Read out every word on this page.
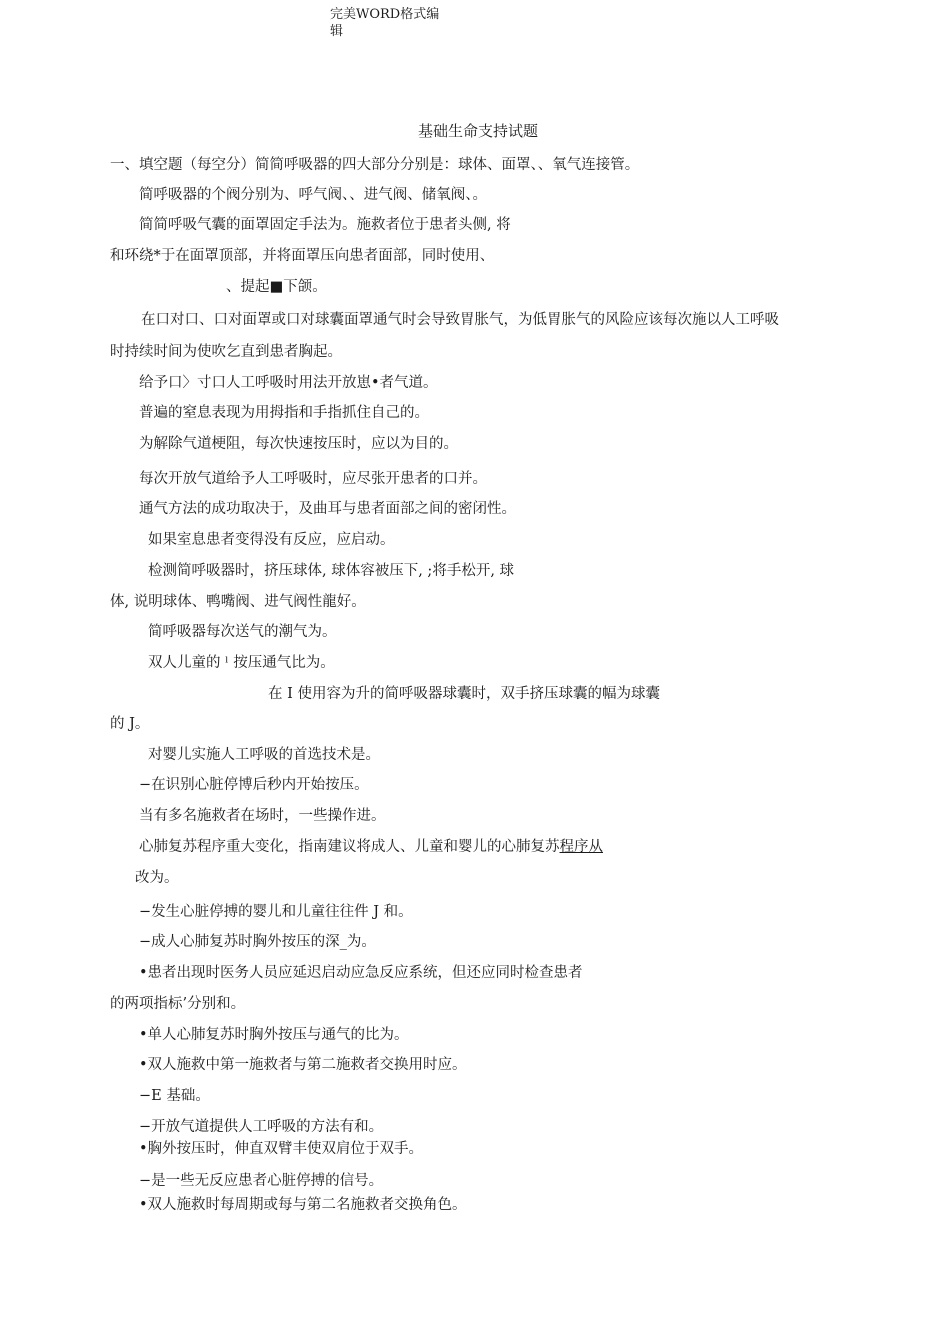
完美WORD格式编
辑
基础生命支持试题
一、填空题（每空分）简简呼吸器的四大部分分别是：球体、面罩、、氧气连接管。
简呼吸器的个阀分别为、呼气阀、、进气阀、储氧阀、。
简简呼吸气囊的面罩固定手法为。施救者位于患者头侧, 将
和环绕*于在面罩顶部，并将面罩压向患者面部，同时使用、
、提起■下颌。
在口对口、口对面罩或口对球囊面罩通气时会导致胃胀气，为低胃胀气的风险应该每次施以人工呼吸
时持续时间为使吹乞直到患者胸起。
给予口〉寸口人工呼吸时用法开放崽•者气道。
普遍的窒息表现为用拇指和手指抓住自己的。
为解除气道梗阻，每次快速按压时，应以为目的。
每次开放气道给予人工呼吸时，应尽张开患者的口并。
通气方法的成功取决于，及曲耳与患者面部之间的密闭性。
如果室息患者变得没有反应，应启动。
检测简呼吸器时，挤压球体, 球体容被压下, ;将手松开, 球
体, 说明球体、鸭嘴阀、进气阀性龍好。
简呼吸器每次送气的潮气为。
双人儿童的 ˡ 按压通气比为。
在 I 使用容为升的简呼吸器球囊时，双手挤压球囊的幅为球囊
的 J。
对婴儿实施人工呼吸的首选技术是。
−在识别心脏停博后秒内开始按压。
当有多名施救者在场时，一些操作进。
心肺复苏程序重大变化，指南建议将成人、儿童和婴儿的心肺复苏程序从
改为。
−发生心脏停搏的婴儿和儿童往往件 J 和。
−成人心肺复苏时胸外按压的深_为。
•患者出现时医务人员应延迟启动应急反应系统，但还应同时检查患者
的两项指标’分别和。
•单人心肺复苏时胸外按压与通气的比为。
•双人施救中第一施救者与第二施救者交换用时应。
−E 基础。
−开放气道提供人工呼吸的方法有和。
•胸外按压时，伸直双臂丰使双肩位于双手。
−是一些无反应患者心脏停搏的信号。
•双人施救时每周期或每与第二名施救者交换角色。
